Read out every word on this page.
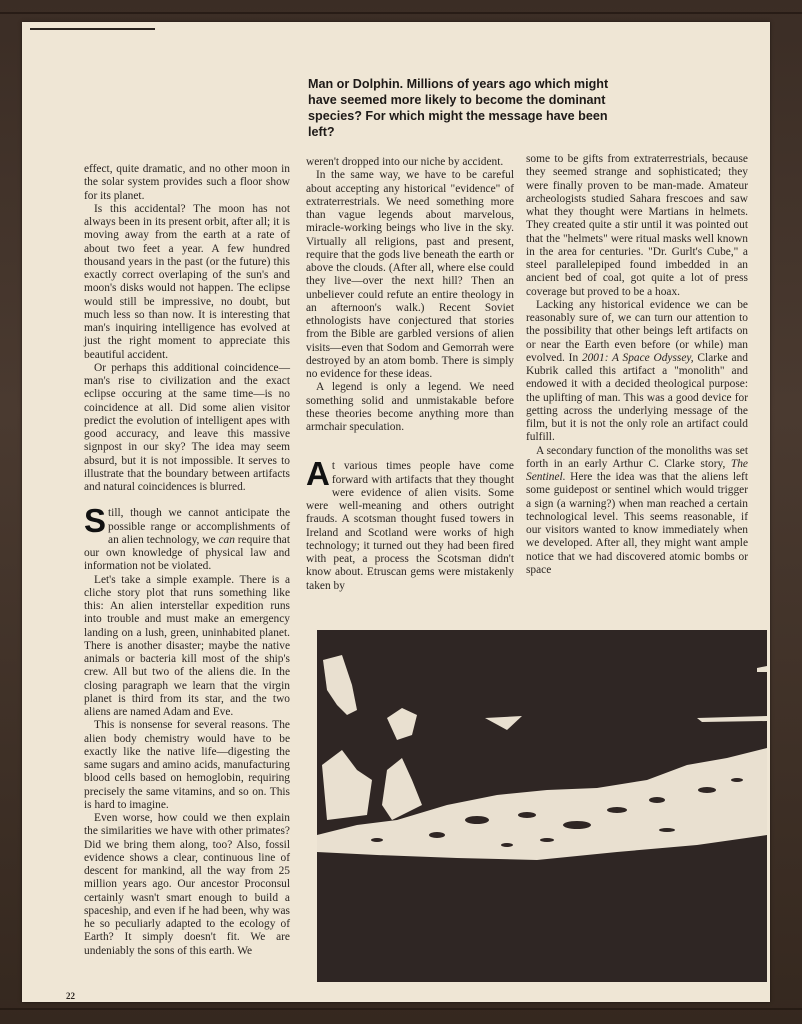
Man or Dolphin. Millions of years ago which might have seemed more likely to become the dominant species? For which might the message have been left?

effect, quite dramatic, and no other moon in the solar system provides such a floor show for its planet.

Is this accidental? The moon has not always been in its present orbit, after all; it is moving away from the earth at a rate of about two feet a year. A few hundred thousand years in the past (or the future) this exactly correct overlaping of the sun's and moon's disks would not happen. The eclipse would still be impressive, no doubt, but much less so than now. It is interesting that man's inquiring intelligence has evolved at just the right moment to appreciate this beautiful accident.

Or perhaps this additional coincidence—man's rise to civilization and the exact eclipse occuring at the same time—is no coincidence at all. Did some alien visitor predict the evolution of intelligent apes with good accuracy, and leave this massive signpost in our sky? The idea may seem absurd, but it is not impossible. It serves to illustrate that the boundary between artifacts and natural coincidences is blurred.

Still, though we cannot anticipate the possible range or accomplishments of an alien technology, we can require that our own knowledge of physical law and information not be violated.

Let's take a simple example. There is a cliche story plot that runs something like this: An alien interstellar expedition runs into trouble and must make an emergency landing on a lush, green, uninhabited planet. There is another disaster; maybe the native animals or bacteria kill most of the ship's crew. All but two of the aliens die. In the closing paragraph we learn that the virgin planet is third from its star, and the two aliens are named Adam and Eve.

This is nonsense for several reasons. The alien body chemistry would have to be exactly like the native life—digesting the same sugars and amino acids, manufacturing blood cells based on hemoglobin, requiring precisely the same vitamins, and so on. This is hard to imagine.

Even worse, how could we then explain the similarities we have with other primates? Did we bring them along, too? Also, fossil evidence shows a clear, continuous line of descent for mankind, all the way from 25 million years ago. Our ancestor Proconsul certainly wasn't smart enough to build a spaceship, and even if he had been, why was he so peculiarly adapted to the ecology of Earth? It simply doesn't fit. We are undeniably the sons of this earth. We

weren't dropped into our niche by accident.

In the same way, we have to be careful about accepting any historical "evidence" of extraterrestrials. We need something more than vague legends about marvelous, miracle-working beings who live in the sky. Virtually all religions, past and present, require that the gods live beneath the earth or above the clouds. (After all, where else could they live—over the next hill? Then an unbeliever could refute an entire theology in an afternoon's walk.) Recent Soviet ethnologists have conjectured that stories from the Bible are garbled versions of alien visits—even that Sodom and Gemorrah were destroyed by an atom bomb. There is simply no evidence for these ideas.

A legend is only a legend. We need something solid and unmistakable before these theories become anything more than armchair speculation.

At various times people have come forward with artifacts that they thought were evidence of alien visits. Some were well-meaning and others outright frauds. A scotsman thought fused towers in Ireland and Scotland were works of high technology; it turned out they had been fired with peat, a process the Scotsman didn't know about. Etruscan gems were mistakenly taken by

some to be gifts from extraterrestrials, because they seemed strange and sophisticated; they were finally proven to be man-made. Amateur archeologists studied Sahara frescoes and saw what they thought were Martians in helmets. They created quite a stir until it was pointed out that the "helmets" were ritual masks well known in the area for centuries. "Dr. Gurlt's Cube," a steel parallelepiped found imbedded in an ancient bed of coal, got quite a lot of press coverage but proved to be a hoax.

Lacking any historical evidence we can be reasonably sure of, we can turn our attention to the possibility that other beings left artifacts on or near the Earth even before (or while) man evolved. In 2001: A Space Odyssey, Clarke and Kubrik called this artifact a "monolith" and endowed it with a decided theological purpose: the uplifting of man. This was a good device for getting across the underlying message of the film, but it is not the only role an artifact could fulfill.

A secondary function of the monoliths was set forth in an early Arthur C. Clarke story, The Sentinel. Here the idea was that the aliens left some guidepost or sentinel which would trigger a sign (a warning?) when man reached a certain technological level. This seems reasonable, if our visitors wanted to know immediately when we developed. After all, they might want ample notice that we had discovered atomic bombs or space

22
